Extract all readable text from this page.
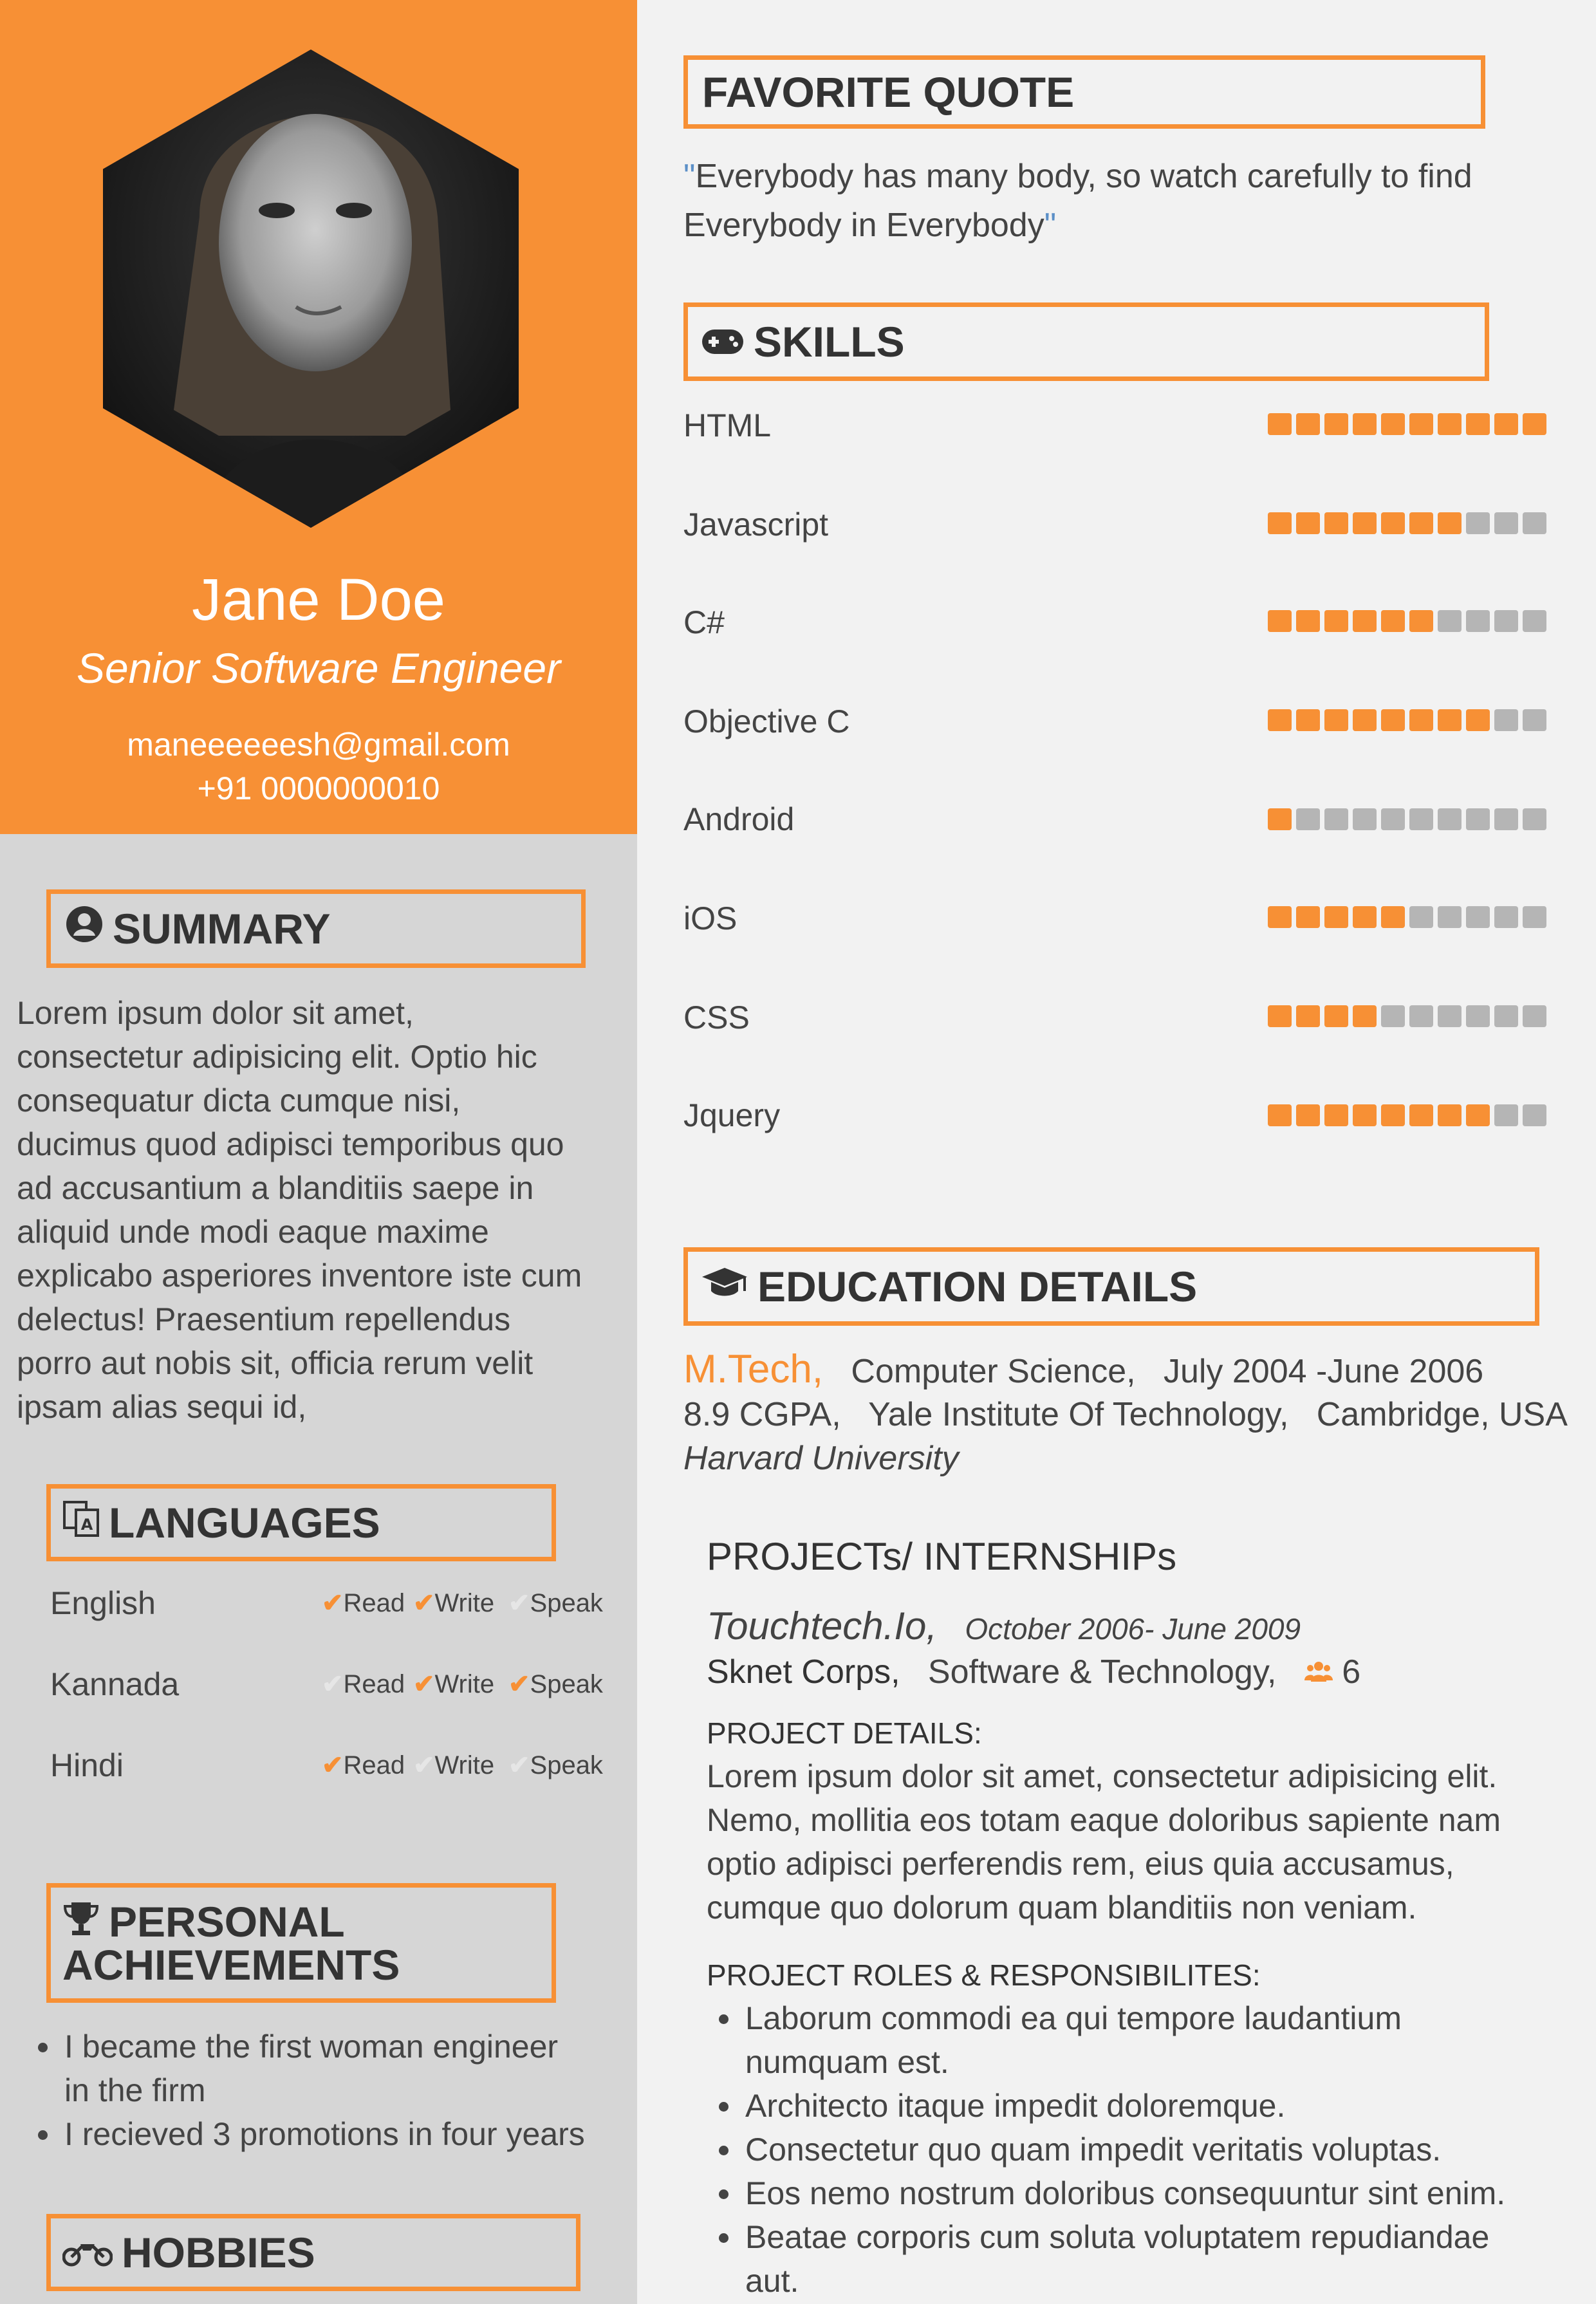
Jane Doe
Senior Software Engineer
maneeeeeesh@gmail.com
+91 0000000010
SUMMARY
Lorem ipsum dolor sit amet,
consectetur adipisicing elit. Optio hic
consequatur dicta cumque nisi,
ducimus quod adipisci temporibus quo
ad accusantium a blanditiis saepe in
aliquid unde modi eaque maxime
explicabo asperiores inventore iste cum
delectus! Praesentium repellendus
porro aut nobis sit, officia rerum velit
ipsam alias sequi id,
A LANGUAGES
English	✔Read ✔Write ✔Speak
Kannada	✔Read ✔Write ✔Speak
Hindi	✔Read ✔Write ✔Speak
PERSONAL
ACHIEVEMENTS
• I became the first woman engineer
in the firm
• I recieved 3 promotions in four years
HOBBIES
FAVORITE QUOTE
"Everybody has many body, so watch carefully to find
Everybody in Everybody"
SKILLS
HTML
Javascript
C#
Objective C
Android
iOS
CSS
Jquery
EDUCATION DETAILS
M.Tech, Computer Science, July 2004 -June 2006
8.9 CGPA, Yale Institute Of Technology, Cambridge, USA
Harvard University
PROJECTs/ INTERNSHIPs
Touchtech.Io, October 2006- June 2009
Sknet Corps, Software & Technology, 6
PROJECT DETAILS:
Lorem ipsum dolor sit amet, consectetur adipisicing elit.
Nemo, mollitia eos totam eaque doloribus sapiente nam
optio adipisci perferendis rem, eius quia accusamus,
cumque quo dolorum quam blanditiis non veniam.
PROJECT ROLES & RESPONSIBILITES:
• Laborum commodi ea qui tempore laudantium
numquam est.
• Architecto itaque impedit doloremque.
• Consectetur quo quam impedit veritatis voluptas.
• Eos nemo nostrum doloribus consequuntur sint enim.
• Beatae corporis cum soluta voluptatem repudiandae
aut.
